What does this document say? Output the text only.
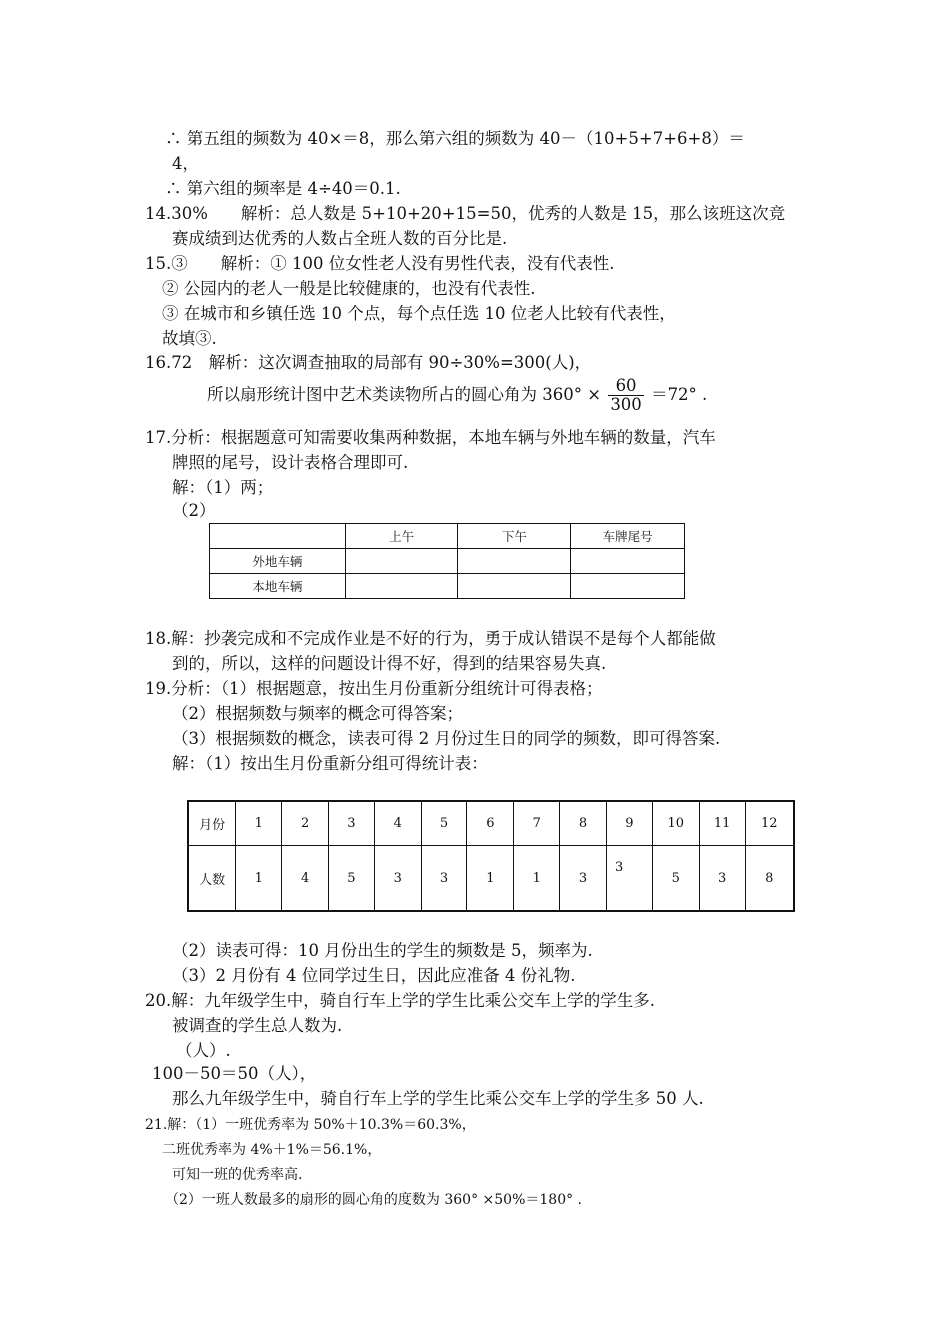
∴ 第五组的频数为 40×＝8，那么第六组的频数为 40－（10+5+7+6+8）＝
4，
∴ 第六组的频率是 4÷40＝0.1.
14.30%　　解析：总人数是 5+10+20+15=50，优秀的人数是 15，那么该班这次竞
赛成绩到达优秀的人数占全班人数的百分比是.
15.③　　解析：① 100 位女性老人没有男性代表，没有代表性.
② 公园内的老人一般是比较健康的，也没有代表性.
③ 在城市和乡镇任选 10 个点，每个点任选 10 位老人比较有代表性，
故填③.
16.72　解析：这次调查抽取的局部有 90÷30%=300(人)，
所以扇形统计图中艺术类读物所占的圆心角为 $360^\circ \times \frac{60}{300} =72^\circ$ .
17.分析：根据题意可知需要收集两种数据，本地车辆与外地车辆的数量，汽车
牌照的尾号，设计表格合理即可.
解：（1）两；
（2）
	上午	下午	车牌尾号
外地车辆			
本地车辆			
18.解：抄袭完成和不完成作业是不好的行为，勇于成认错误不是每个人都能做
到的，所以，这样的问题设计得不好，得到的结果容易失真.
19.分析：（1）根据题意，按出生月份重新分组统计可得表格；
（2）根据频数与频率的概念可得答案；
（3）根据频数的概念，读表可得 2 月份过生日的同学的频数，即可得答案.
解：（1）按出生月份重新分组可得统计表：
月份	1	2	3	4	5	6	7	8	9	10	11	12
人数	1	4	5	3	3	1	1	3	3	5	3	8
（2）读表可得：10 月份出生的学生的频数是 5，频率为.
（3）2 月份有 4 位同学过生日，因此应准备 4 份礼物.
20.解：九年级学生中，骑自行车上学的学生比乘公交车上学的学生多.
被调查的学生总人数为.
（人）.
100－50＝50（人），
那么九年级学生中，骑自行车上学的学生比乘公交车上学的学生多 50 人.
21.解：（1）一班优秀率为 50%＋10.3%＝60.3%，
二班优秀率为 4%＋1%＝56.1%，
可知一班的优秀率高.
（2）一班人数最多的扇形的圆心角的度数为 360° ×50%＝180° .
